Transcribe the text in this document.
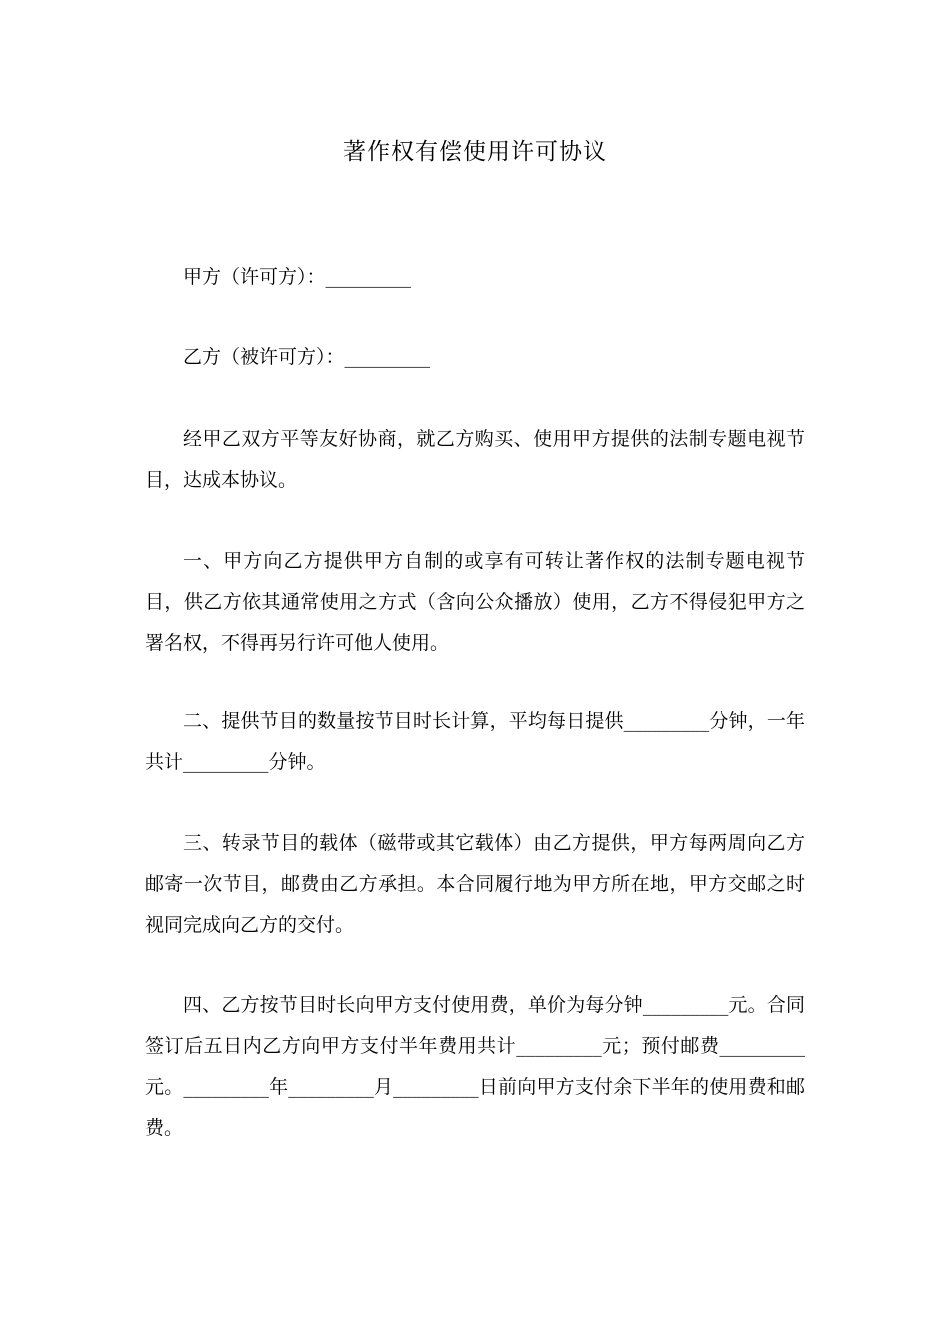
著作权有偿使用许可协议

甲方（许可方）：_________

乙方（被许可方）：_________

经甲乙双方平等友好协商，就乙方购买、使用甲方提供的法制专题电视节目，达成本协议。

一、甲方向乙方提供甲方自制的或享有可转让著作权的法制专题电视节目，供乙方依其通常使用之方式（含向公众播放）使用，乙方不得侵犯甲方之署名权，不得再另行许可他人使用。

二、提供节目的数量按节目时长计算，平均每日提供_________分钟，一年共计_________分钟。

三、转录节目的载体（磁带或其它载体）由乙方提供，甲方每两周向乙方邮寄一次节目，邮费由乙方承担。本合同履行地为甲方所在地，甲方交邮之时视同完成向乙方的交付。

四、乙方按节目时长向甲方支付使用费，单价为每分钟_________元。合同签订后五日内乙方向甲方支付半年费用共计_________元；预付邮费_________元。_________年_________月_________日前向甲方支付余下半年的使用费和邮费。
